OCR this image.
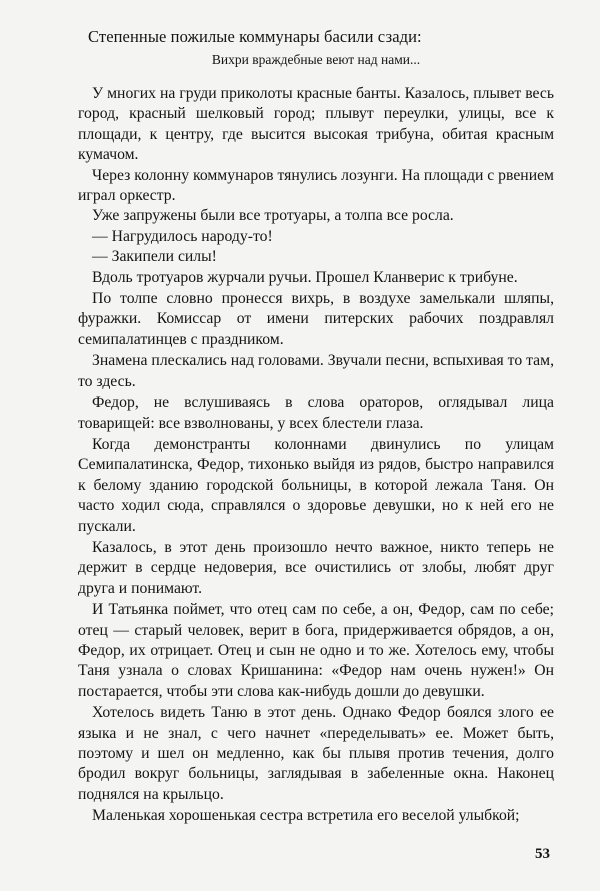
Степенные пожилые коммунары басили сзади:
Вихри враждебные веют над нами...

У многих на груди приколоты красные банты. Казалось, плывет весь город, красный шелковый город; плывут переулки, улицы, все к площади, к центру, где высится высокая трибуна, обитая красным кумачом.

Через колонну коммунаров тянулись лозунги. На площади с рвением играл оркестр.

Уже запружены были все тротуары, а толпа все росла.

— Нагрудилось народу-то!

— Закипели силы!

Вдоль тротуаров журчали ручьи. Прошел Кланверис к трибуне.

По толпе словно пронесся вихрь, в воздухе замелькали шляпы, фуражки. Комиссар от имени питерских рабочих поздравлял семипалатинцев с праздником.

Знамена плескались над головами. Звучали песни, вспыхивая то там, то здесь.

Федор, не вслушиваясь в слова ораторов, оглядывал лица товарищей: все взволнованы, у всех блестели глаза.

Когда демонстранты колоннами двинулись по улицам Семипалатинска, Федор, тихонько выйдя из рядов, быстро направился к белому зданию городской больницы, в которой лежала Таня. Он часто ходил сюда, справлялся о здоровье девушки, но к ней его не пускали.

Казалось, в этот день произошло нечто важное, никто теперь не держит в сердце недоверия, все очистились от злобы, любят друг друга и понимают.

И Татьянка поймет, что отец сам по себе, а он, Федор, сам по себе; отец — старый человек, верит в бога, придерживается обрядов, а он, Федор, их отрицает. Отец и сын не одно и то же. Хотелось ему, чтобы Таня узнала о словах Кришанина: «Федор нам очень нужен!» Он постарается, чтобы эти слова как-нибудь дошли до девушки.

Хотелось видеть Таню в этот день. Однако Федор боялся злого ее языка и не знал, с чего начнет «переделывать» ее. Может быть, поэтому и шел он медленно, как бы плывя против течения, долго бродил вокруг больницы, заглядывая в забеленные окна. Наконец поднялся на крыльцо.

Маленькая хорошенькая сестра встретила его веселой улыбкой;

53
